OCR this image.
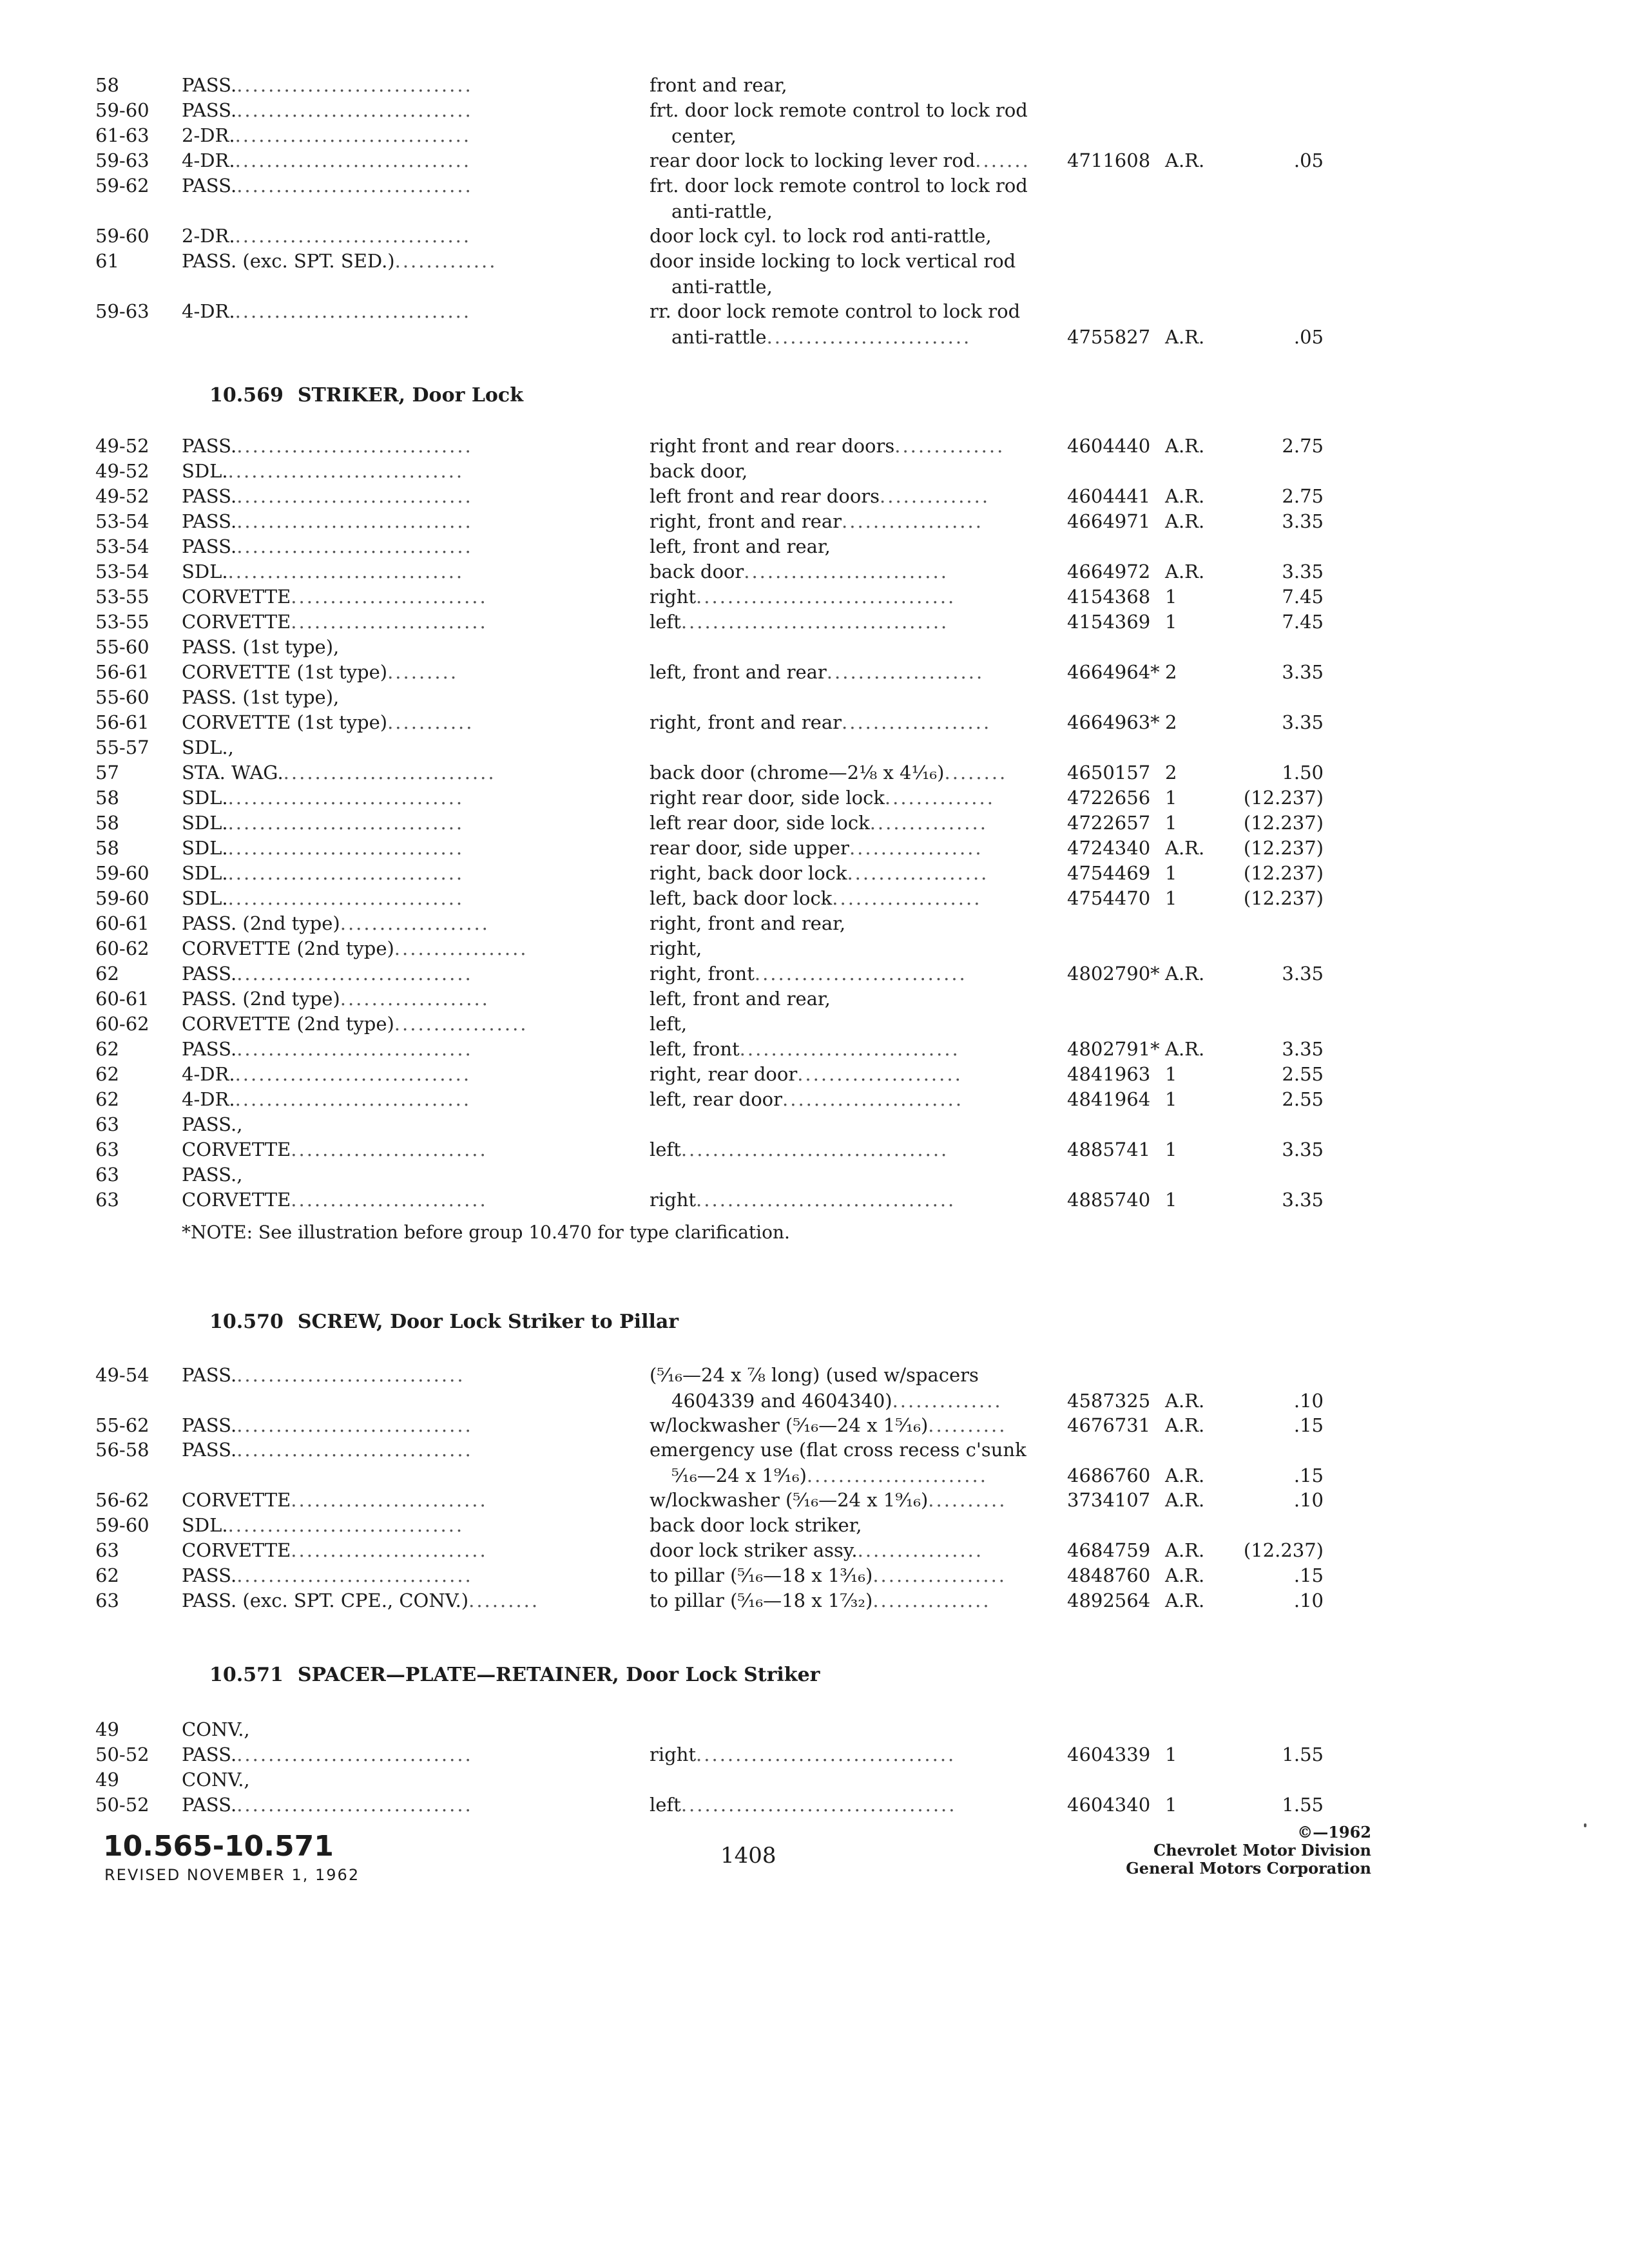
58	PASS...............................	front and rear,
59-60	PASS...............................	frt. door lock remote control to lock rod
center,
61-63	2-DR...............................
59-63	4-DR...............................	rear door lock to locking lever rod.......	4711608 A.R.	.05
59-62	PASS...............................	frt. door lock remote control to lock rod
anti-rattle,
59-60	2-DR...............................	door lock cyl. to lock rod anti-rattle,
61	PASS. (exc. SPT. SED.).............	door inside locking to lock vertical rod
anti-rattle,
59-63	4-DR...............................	rr. door lock remote control to lock rod
anti-rattle..........................	4755827 A.R.	.05
10.569 STRIKER, Door Lock
49-52	PASS...............................	right front and rear doors..............	4604440 A.R.	2.75
49-52	SDL...............................	back door,
49-52	PASS...............................	left front and rear doors..............	4604441 A.R.	2.75
53-54	PASS...............................	right, front and rear..................	4664971 A.R.	3.35
53-54	PASS...............................	left, front and rear,
53-54	SDL...............................	back door..........................	4664972 A.R.	3.35
53-55	CORVETTE.........................	right.................................	4154368 1	7.45
53-55	CORVETTE.........................	left..................................	4154369 1	7.45
55-60	PASS. (1st type),
56-61	CORVETTE (1st type).........	left, front and rear....................	4664964* 2	3.35
55-60	PASS. (1st type),
56-61	CORVETTE (1st type)...........	right, front and rear...................	4664963* 2	3.35
55-57	SDL.,
57	STA. WAG............................	back door (chrome—2⅛ x 4¹⁄₁₆)........	4650157 2	1.50
58	SDL...............................	right rear door, side lock..............	4722656 1	(12.237)
58	SDL...............................	left rear door, side lock...............	4722657 1	(12.237)
58	SDL...............................	rear door, side upper.................	4724340 A.R.	(12.237)
59-60	SDL...............................	right, back door lock..................	4754469 1	(12.237)
59-60	SDL...............................	left, back door lock...................	4754470 1	(12.237)
60-61	PASS. (2nd type)...................	right, front and rear,
60-62	CORVETTE (2nd type).................	right,
62	PASS...............................	right, front...........................	4802790* A.R.	3.35
60-61	PASS. (2nd type)...................	left, front and rear,
60-62	CORVETTE (2nd type).................	left,
62	PASS...............................	left, front............................	4802791* A.R.	3.35
62	4-DR...............................	right, rear door.....................	4841963 1	2.55
62	4-DR...............................	left, rear door.......................	4841964 1	2.55
63	PASS.,
63	CORVETTE.........................	left..................................	4885741 1	3.35
63	PASS.,
63	CORVETTE.........................	right.................................	4885740 1	3.35
*NOTE: See illustration before group 10.470 for type clarification.
10.570 SCREW, Door Lock Striker to Pillar
49-54	PASS..............................	(⁵⁄₁₆—24 x ⅞ long) (used w/spacers
4604339 and 4604340)..............	4587325 A.R.	.10
55-62	PASS...............................	w/lockwasher (⁵⁄₁₆—24 x 1⁵⁄₁₆)..........	4676731 A.R.	.15
56-58	PASS...............................	emergency use (flat cross recess c'sunk
⁵⁄₁₆—24 x 1⁹⁄₁₆).......................	4686760 A.R.	.15
56-62	CORVETTE.........................	w/lockwasher (⁵⁄₁₆—24 x 1⁹⁄₁₆)..........	3734107 A.R.	.10
59-60	SDL...............................	back door lock striker,
63	CORVETTE.........................	door lock striker assy.................	4684759 A.R.	(12.237)
62	PASS...............................	to pillar (⁵⁄₁₆—18 x 1³⁄₁₆).................	4848760 A.R.	.15
63	PASS. (exc. SPT. CPE., CONV.).........	to pillar (⁵⁄₁₆—18 x 1⁷⁄₃₂)...............	4892564 A.R.	.10
10.571 SPACER—PLATE—RETAINER, Door Lock Striker
49	CONV.,
50-52	PASS...............................	right.................................	4604339 1	1.55
49	CONV.,
50-52	PASS...............................	left...................................	4604340 1	1.55
10.565-10.571
REVISED NOVEMBER 1, 1962
1408
©—1962
Chevrolet Motor Division
General Motors Corporation
